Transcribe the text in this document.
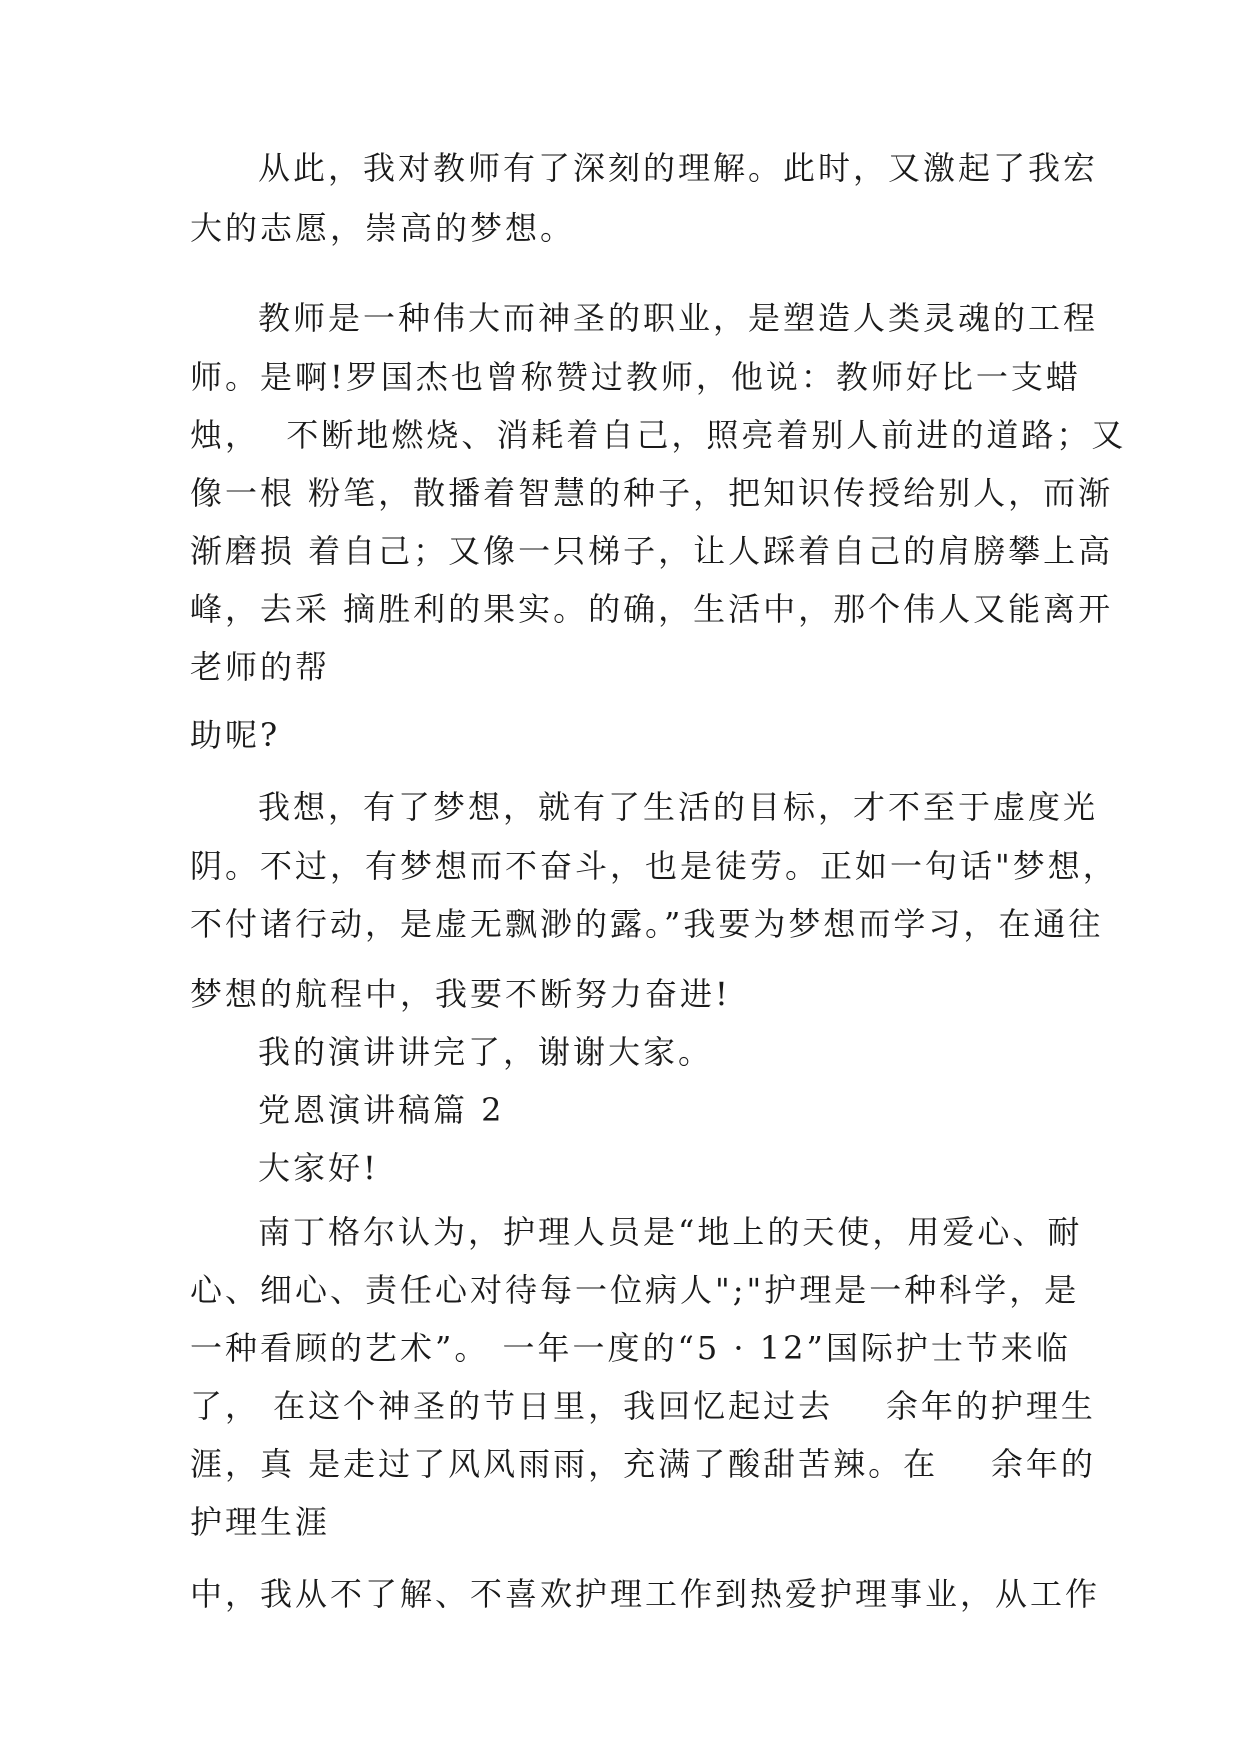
从此，我对教师有了深刻的理解。此时，又激起了我宏
大的志愿，崇高的梦想。
教师是一种伟大而神圣的职业，是塑造人类灵魂的工程
师。是啊!罗国杰也曾称赞过教师，他说：教师好比一支蜡
烛，  不断地燃烧、消耗着自己，照亮着别人前进的道路；又
像一根 粉笔，散播着智慧的种子，把知识传授给别人，而渐
渐磨损 着自己；又像一只梯子，让人踩着自己的肩膀攀上高
峰，去采 摘胜利的果实。的确，生活中，那个伟人又能离开
老师的帮
助呢?
我想，有了梦想，就有了生活的目标，才不至于虚度光
阴。不过，有梦想而不奋斗，也是徒劳。正如一句话"梦想，
不付诸行动，是虚无飘渺的露。”我要为梦想而学习，在通往
梦想的航程中，我要不断努力奋进!
我的演讲讲完了，谢谢大家。
党恩演讲稿篇 2
大家好!
南丁格尔认为，护理人员是“地上的天使，用爱心、耐
心、细心、责任心对待每一位病人";"护理是一种科学，是
一种看顾的艺术”。 一年一度的“5 · 12”国际护士节来临
了， 在这个神圣的节日里，我回忆起过去    余年的护理生
涯，真 是走过了风风雨雨，充满了酸甜苦辣。在    余年的
护理生涯
中，我从不了解、不喜欢护理工作到热爱护理事业，从工作
